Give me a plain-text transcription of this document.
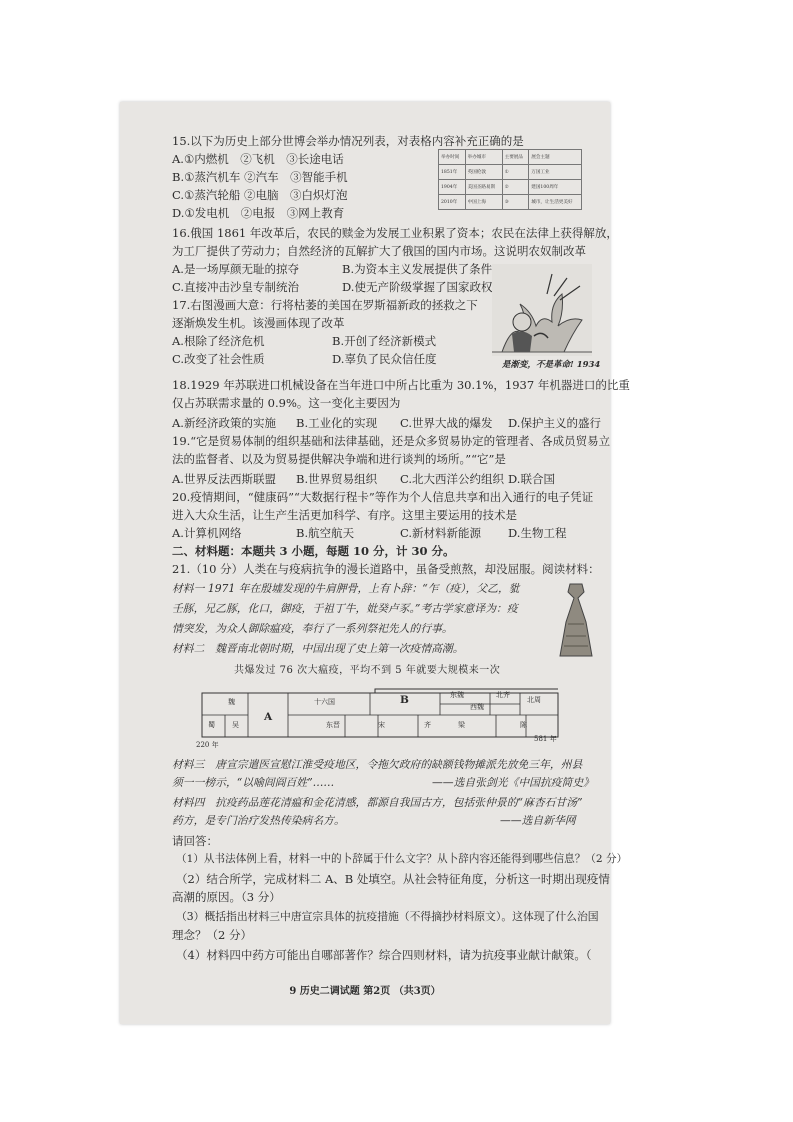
15.以下为历史上部分世博会举办情况列表，对表格内容补充正确的是
A.①内燃机　②飞机　③长途电话
B.①蒸汽机车 ②汽车　③智能手机
C.①蒸汽轮船 ②电脑　③白炽灯泡
D.①发电机　②电报　③网上教育
举办时间	举办城市	主要展品	展会主题
1851年	英国伦敦	①	万国工业
1904年	美国圣路易斯	②	建国100周年
2010年	中国上海	③	城市，让生活更美好
16.俄国 1861 年改革后，农民的赎金为发展工业积累了资本；农民在法律上获得解放，
为工厂提供了劳动力；自然经济的瓦解扩大了俄国的国内市场。这说明农奴制改革
A.是一场厚颜无耻的掠夺	B.为资本主义发展提供了条件
C.直接冲击沙皇专制统治	D.使无产阶级掌握了国家政权
17.右图漫画大意：行将枯萎的美国在罗斯福新政的拯救之下
逐渐焕发生机。该漫画体现了改革
A.根除了经济危机	B.开创了经济新模式
C.改变了社会性质	D.辜负了民众信任度	是渐变，不是革命! 1934
18.1929 年苏联进口机械设备在当年进口中所占比重为 30.1%，1937 年机器进口的比重
仅占苏联需求量的 0.9%。这一变化主要因为
A.新经济政策的实施 B.工业化的实现 C.世界大战的爆发 D.保护主义的盛行
19.“它是贸易体制的组织基础和法律基础，还是众多贸易协定的管理者、各成员贸易立
法的监督者、以及为贸易提供解决争端和进行谈判的场所。”“它”是
A.世界反法西斯联盟 B.世界贸易组织 C.北大西洋公约组织 D.联合国
20.疫情期间，“健康码”“大数据行程卡”等作为个人信息共享和出入通行的电子凭证
进入大众生活，让生产生活更加科学、有序。这里主要运用的技术是
A.计算机网络	B.航空航天	C.新材料新能源 D.生物工程
二、材料题：本题共 3 小题，每题 10 分，计 30 分。
21.（10 分）人类在与疫病抗争的漫长道路中，虽备受煎熬，却没屈服。阅读材料：
材料一 1971 年在殷墟发现的牛肩胛骨，上有卜辞：“乍（疫），父乙，豼
壬豚，兄乙豚，化口，御疫，于祖丁牛，妣癸卢豕。”考古学家意译为：疫
情突发，为众人御除瘟疫，奉行了一系列祭祀先人的行事。
材料二　魏晋南北朝时期，中国出现了史上第一次疫情高潮。
共爆发过 76 次大瘟疫，平均不到 5 年就要大规模来一次
魏
蜀 吴
A
十六国	B	东魏	北齐
北周
西魏
东晋	宋	齐	梁	陈
220 年
581 年
材料三　唐宣宗遣医宣慰江淮受疫地区，令拖欠政府的缺额钱物摊派先放免三年，州县
须一一榜示，“以喻闾阎百姓”……	——选自张剑光《中国抗疫简史》
材料四　抗疫药品莲花清瘟和金花清感，都源自我国古方，包括张仲景的“麻杏石甘汤”
药方，是专门治疗发热传染病名方。	——选自新华网
请回答：
（1）从书法体例上看，材料一中的卜辞属于什么文字？从卜辞内容还能得到哪些信息？（2 分）
（2）结合所学，完成材料二 A、B 处填空。从社会特征角度，分析这一时期出现疫情
高潮的原因。（3 分）
（3）概括指出材料三中唐宣宗具体的抗疫措施（不得摘抄材料原文）。这体现了什么治国
理念？（2 分）
（4）材料四中药方可能出自哪部著作？综合四则材料，请为抗疫事业献计献策。（
9 历史二调试题 第2页 （共3页）
